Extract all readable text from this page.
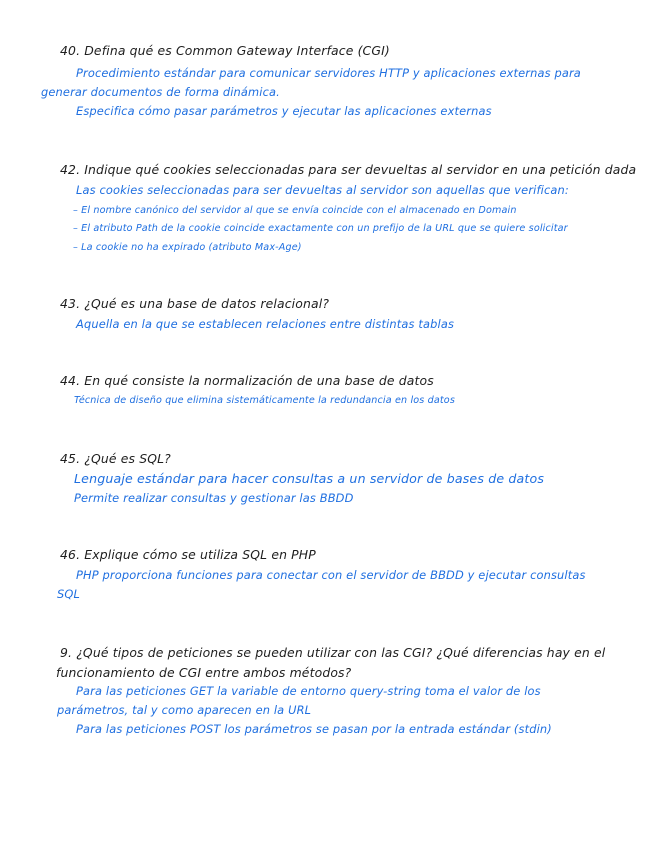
40. Defina qué es Common Gateway Interface (CGI)
Procedimiento estándar para comunicar servidores HTTP y aplicaciones externas para
generar documentos de forma dinámica.
Especifica cómo pasar parámetros y ejecutar las aplicaciones externas
42. Indique qué cookies seleccionadas para ser devueltas al servidor en una petición dada
Las cookies seleccionadas para ser devueltas al servidor son aquellas que verifican:
– El nombre canónico del servidor al que se envía coincide con el almacenado en Domain
– El atributo Path de la cookie coincide exactamente con un prefijo de la URL que se quiere solicitar
– La cookie no ha expirado (atributo Max-Age)
43. ¿Qué es una base de datos relacional?
Aquella en la que se establecen relaciones entre distintas tablas
44. En qué consiste la normalización de una base de datos
Técnica de diseño que elimina sistemáticamente la redundancia en los datos
45. ¿Qué es SQL?
Lenguaje estándar para hacer consultas a un servidor de bases de datos
Permite realizar consultas y gestionar las BBDD
46. Explique cómo se utiliza SQL en PHP
PHP proporciona funciones para conectar con el servidor de BBDD y ejecutar consultas
SQL
9. ¿Qué tipos de peticiones se pueden utilizar con las CGI? ¿Qué diferencias hay en el
funcionamiento de CGI entre ambos métodos?
Para las peticiones GET la variable de entorno query-string toma el valor de los
parámetros, tal y como aparecen en la URL
Para las peticiones POST los parámetros se pasan por la entrada estándar (stdin)
